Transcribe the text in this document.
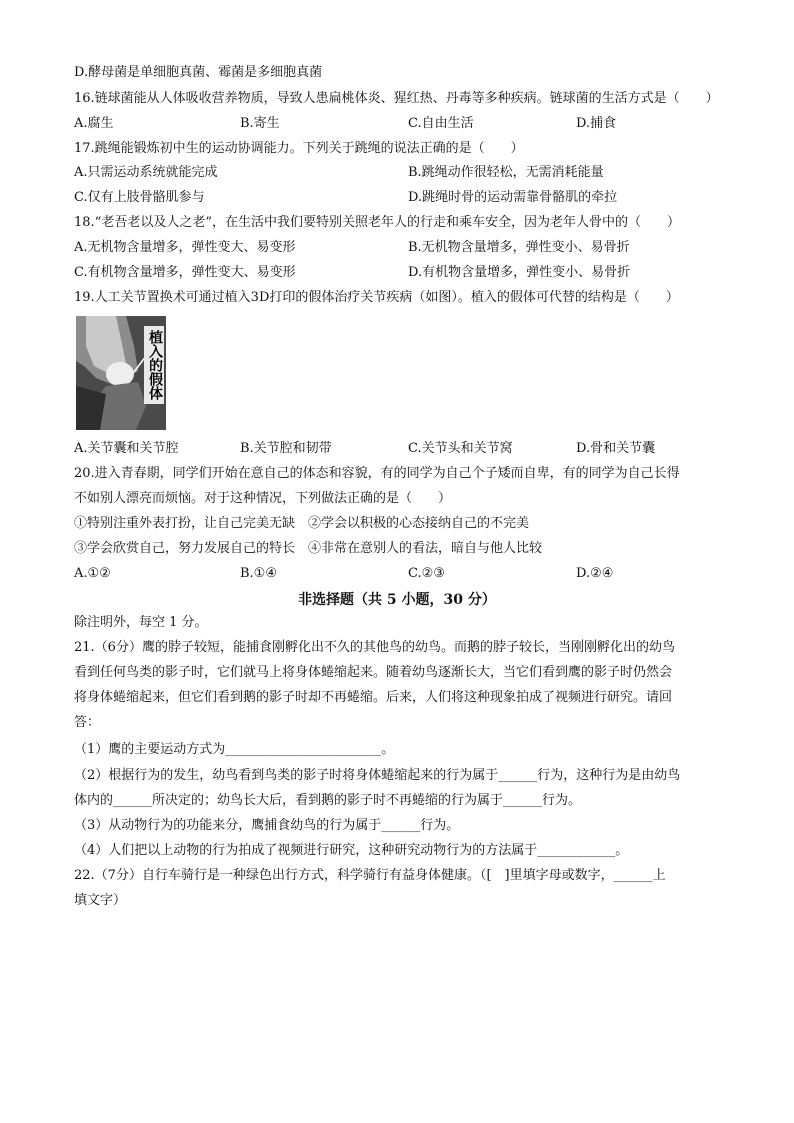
D.酵母菌是单细胞真菌、霉菌是多细胞真菌
16.链球菌能从人体吸收营养物质，导致人患扁桃体炎、猩红热、丹毒等多种疾病。链球菌的生活方式是（　　）
A.腐生	B.寄生	C.自由生活	D.捕食
17.跳绳能锻炼初中生的运动协调能力。下列关于跳绳的说法正确的是（　　）
A.只需运动系统就能完成	B.跳绳动作很轻松，无需消耗能量
C.仅有上肢骨骼肌参与	D.跳绳时骨的运动需靠骨骼肌的牵拉
18.“老吾老以及人之老”，在生活中我们要特别关照老年人的行走和乘车安全，因为老年人骨中的（　　）
A.无机物含量增多，弹性变大、易变形	B.无机物含量增多，弹性变小、易骨折
C.有机物含量增多，弹性变大、易变形	D.有机物含量增多，弹性变小、易骨折
19.人工关节置换术可通过植入3D打印的假体治疗关节疾病（如图）。植入的假体可代替的结构是（　　）
植入的假体
A.关节囊和关节腔	B.关节腔和韧带	C.关节头和关节窝	D.骨和关节囊
20.进入青春期，同学们开始在意自己的体态和容貌，有的同学为自己个子矮而自卑，有的同学为自己长得
不如别人漂亮而烦恼。对于这种情况，下列做法正确的是（　　）
①特别注重外表打扮，让自己完美无缺　②学会以积极的心态接纳自己的不完美
③学会欣赏自己，努力发展自己的特长　④非常在意别人的看法，暗自与他人比较
A.①②	B.①④	C.②③	D.②④
非选择题（共 5 小题，30 分）
除注明外，每空 1 分。
21.（6分）鹰的脖子较短，能捕食刚孵化出不久的其他鸟的幼鸟。而鹅的脖子较长，当刚刚孵化出的幼鸟
看到任何鸟类的影子时，它们就马上将身体蜷缩起来。随着幼鸟逐渐长大，当它们看到鹰的影子时仍然会
将身体蜷缩起来，但它们看到鹅的影子时却不再蜷缩。后来，人们将这种现象拍成了视频进行研究。请回
答：
（1）鹰的主要运动方式为________________________。
（2）根据行为的发生，幼鸟看到鸟类的影子时将身体蜷缩起来的行为属于______行为，这种行为是由幼鸟
体内的______所决定的；幼鸟长大后，看到鹅的影子时不再蜷缩的行为属于______行为。
（3）从动物行为的功能来分，鹰捕食幼鸟的行为属于______行为。
（4）人们把以上动物的行为拍成了视频进行研究，这种研究动物行为的方法属于____________。
22.（7分）自行车骑行是一种绿色出行方式，科学骑行有益身体健康。（[　]里填字母或数字，______上
填文字）
